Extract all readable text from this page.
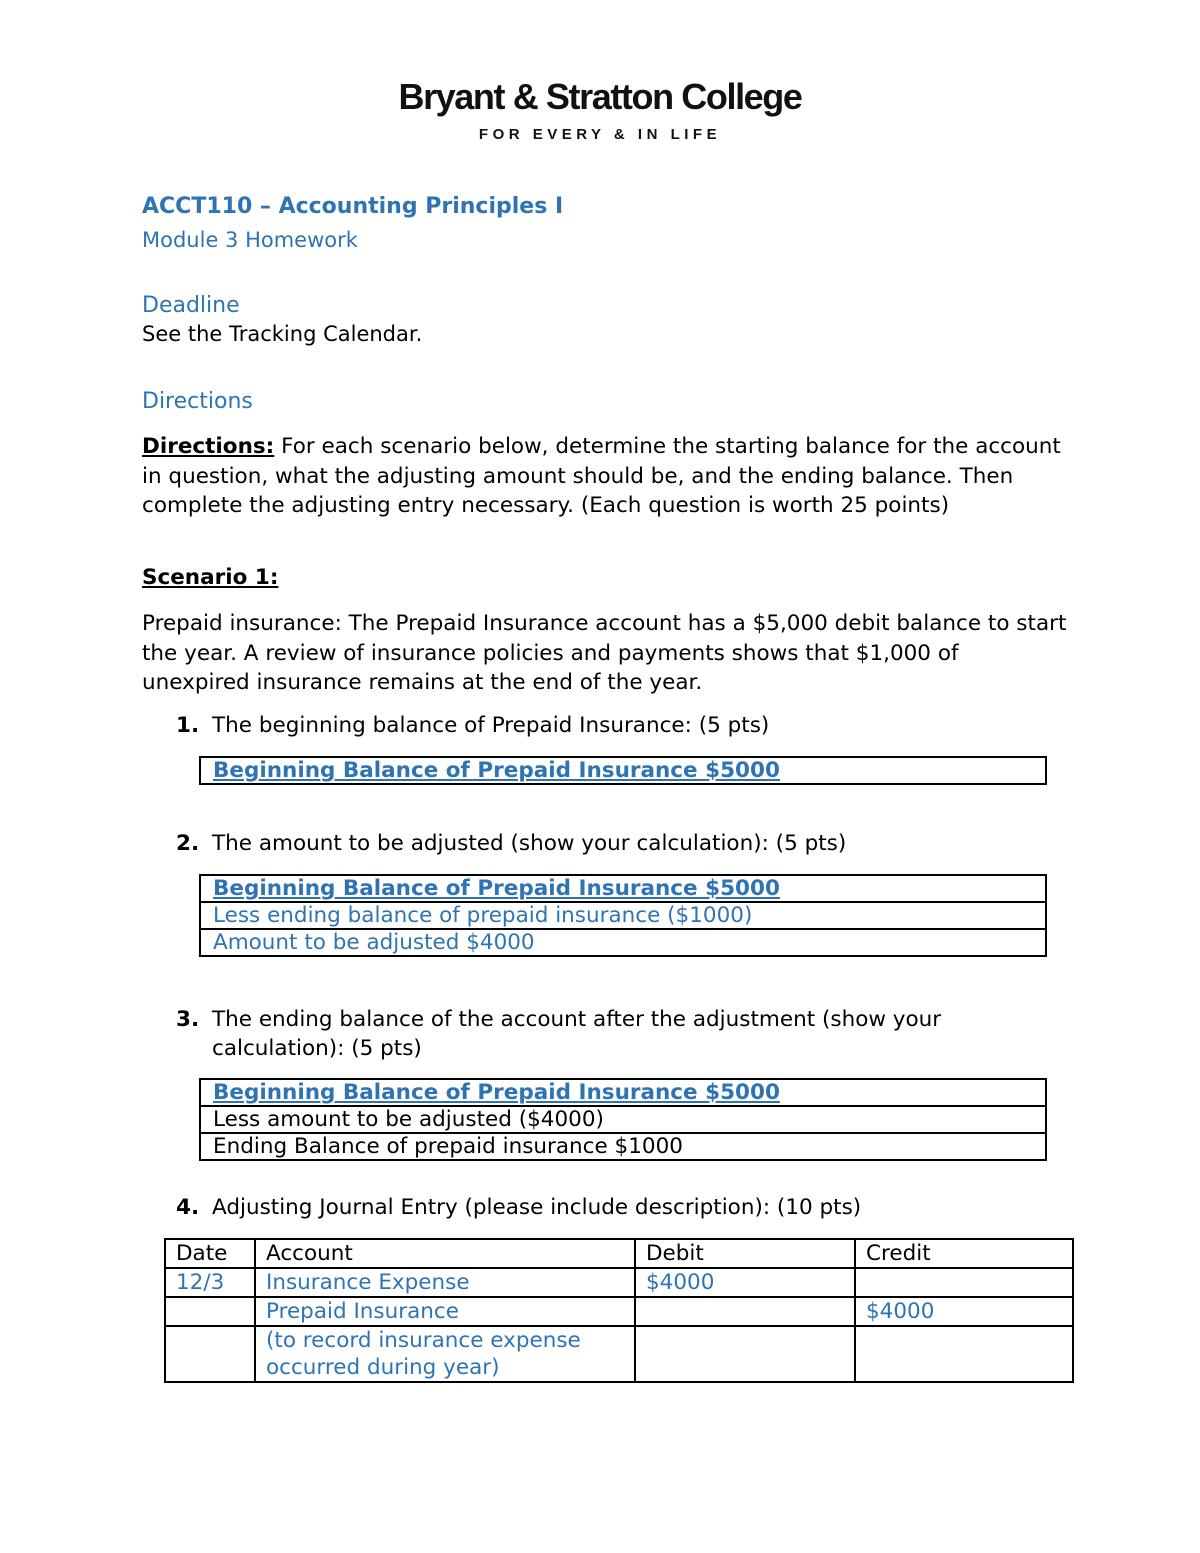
Bryant & Stratton College
FOR EVERY & IN LIFE
ACCT110 – Accounting Principles I
Module 3 Homework
Deadline
See the Tracking Calendar.
Directions
Directions: For each scenario below, determine the starting balance for the account in question, what the adjusting amount should be, and the ending balance. Then complete the adjusting entry necessary. (Each question is worth 25 points)
Scenario 1:
Prepaid insurance: The Prepaid Insurance account has a $5,000 debit balance to start the year. A review of insurance policies and payments shows that $1,000 of unexpired insurance remains at the end of the year.
1. The beginning balance of Prepaid Insurance: (5 pts)
Beginning Balance of Prepaid Insurance $5000
2. The amount to be adjusted (show your calculation): (5 pts)
Beginning Balance of Prepaid Insurance $5000
Less ending balance of prepaid insurance ($1000)
Amount to be adjusted $4000
3. The ending balance of the account after the adjustment (show your calculation): (5 pts)
Beginning Balance of Prepaid Insurance $5000
Less amount to be adjusted ($4000)
Ending Balance of prepaid insurance $1000
4. Adjusting Journal Entry (please include description): (10 pts)
Date	Account	Debit	Credit
12/3	Insurance Expense	$4000	
	Prepaid Insurance		$4000
	(to record insurance expense occurred during year)		
